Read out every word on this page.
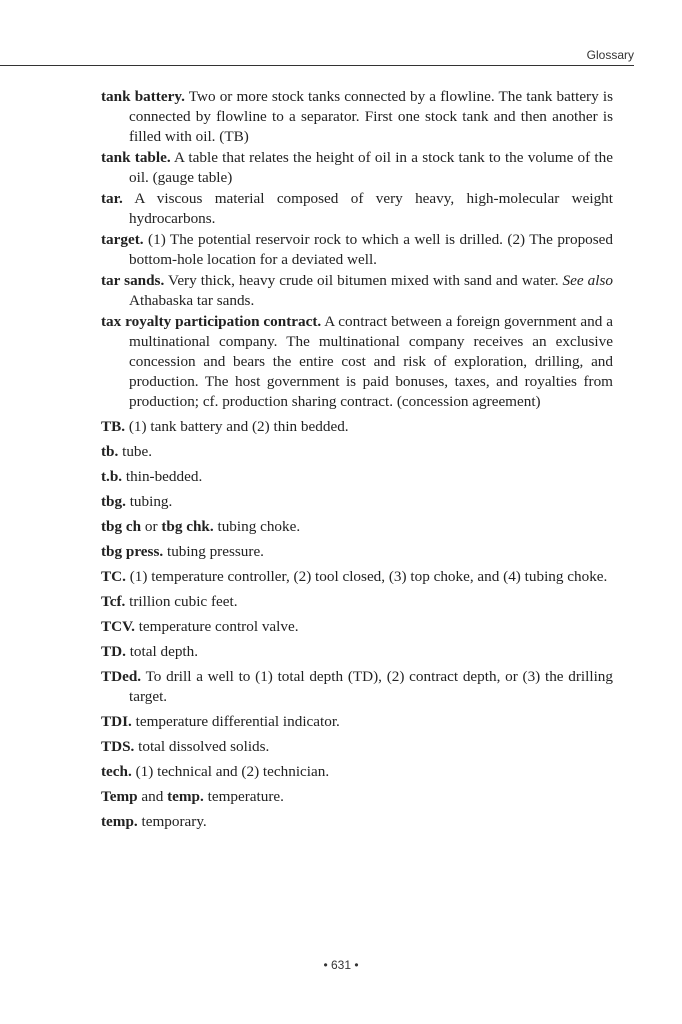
Glossary

tank battery. Two or more stock tanks connected by a flowline. The tank battery is connected by flowline to a separator. First one stock tank and then another is filled with oil. (TB)

tank table. A table that relates the height of oil in a stock tank to the volume of the oil. (gauge table)

tar. A viscous material composed of very heavy, high-molecular weight hydrocarbons.

target. (1) The potential reservoir rock to which a well is drilled. (2) The proposed bottom-hole location for a deviated well.

tar sands. Very thick, heavy crude oil bitumen mixed with sand and water. See also Athabaska tar sands.

tax royalty participation contract. A contract between a foreign government and a multinational company. The multinational company receives an exclusive concession and bears the entire cost and risk of exploration, drilling, and production. The host government is paid bonuses, taxes, and royalties from production; cf. production sharing contract. (concession agreement)

TB. (1) tank battery and (2) thin bedded.

tb. tube.

t.b. thin-bedded.

tbg. tubing.

tbg ch or tbg chk. tubing choke.

tbg press. tubing pressure.

TC. (1) temperature controller, (2) tool closed, (3) top choke, and (4) tubing choke.

Tcf. trillion cubic feet.

TCV. temperature control valve.

TD. total depth.

TDed. To drill a well to (1) total depth (TD), (2) contract depth, or (3) the drilling target.

TDI. temperature differential indicator.

TDS. total dissolved solids.

tech. (1) technical and (2) technician.

Temp and temp. temperature.

temp. temporary.

• 631 •
